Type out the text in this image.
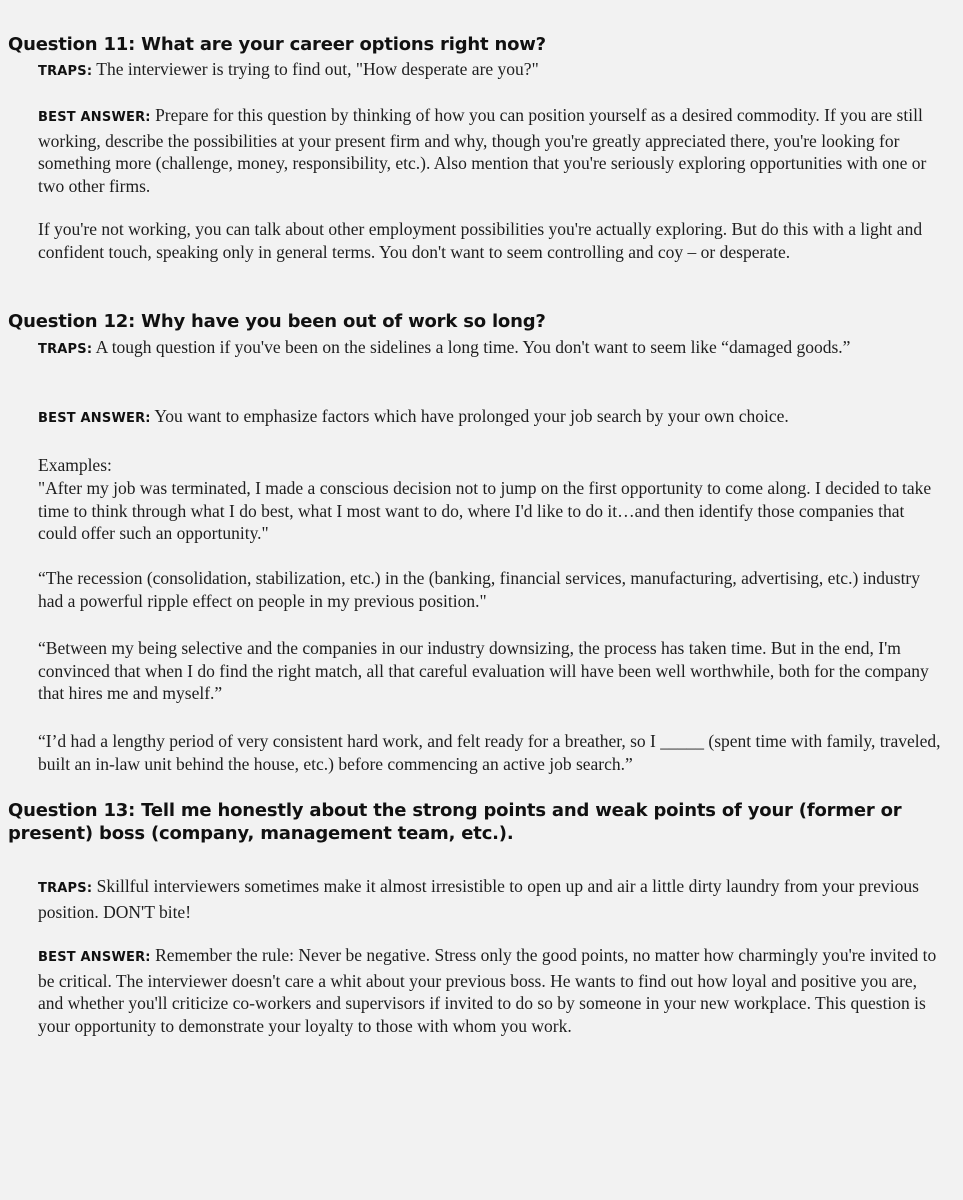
Question 11: What are your career options right now?

TRAPS: The interviewer is trying to find out, "How desperate are you?"

BEST ANSWER: Prepare for this question by thinking of how you can position yourself as a desired commodity. If you are still working, describe the possibilities at your present firm and why, though you're greatly appreciated there, you're looking for something more (challenge, money, responsibility, etc.). Also mention that you're seriously exploring opportunities with one or two other firms.

If you're not working, you can talk about other employment possibilities you're actually exploring. But do this with a light and confident touch, speaking only in general terms. You don't want to seem controlling and coy – or desperate.

Question 12: Why have you been out of work so long?

TRAPS: A tough question if you've been on the sidelines a long time. You don't want to seem like “damaged goods.”

BEST ANSWER: You want to emphasize factors which have prolonged your job search by your own choice.

Examples:

"After my job was terminated, I made a conscious decision not to jump on the first opportunity to come along. I decided to take time to think through what I do best, what I most want to do, where I'd like to do it…and then identify those companies that could offer such an opportunity."

“The recession (consolidation, stabilization, etc.) in the (banking, financial services, manufacturing, advertising, etc.) industry had a powerful ripple effect on people in my previous position."

“Between my being selective and the companies in our industry downsizing, the process has taken time. But in the end, I'm convinced that when I do find the right match, all that careful evaluation will have been well worthwhile, both for the company that hires me and myself.”

“I’d had a lengthy period of very consistent hard work, and felt ready for a breather, so I _____ (spent time with family, traveled, built an in-law unit behind the house, etc.) before commencing an active job search.”

Question 13: Tell me honestly about the strong points and weak points of your (former or present) boss (company, management team, etc.).

TRAPS: Skillful interviewers sometimes make it almost irresistible to open up and air a little dirty laundry from your previous position. DON'T bite!

BEST ANSWER: Remember the rule: Never be negative. Stress only the good points, no matter how charmingly you're invited to be critical. The interviewer doesn't care a whit about your previous boss. He wants to find out how loyal and positive you are, and whether you'll criticize co-workers and supervisors if invited to do so by someone in your new workplace. This question is your opportunity to demonstrate your loyalty to those with whom you work.
